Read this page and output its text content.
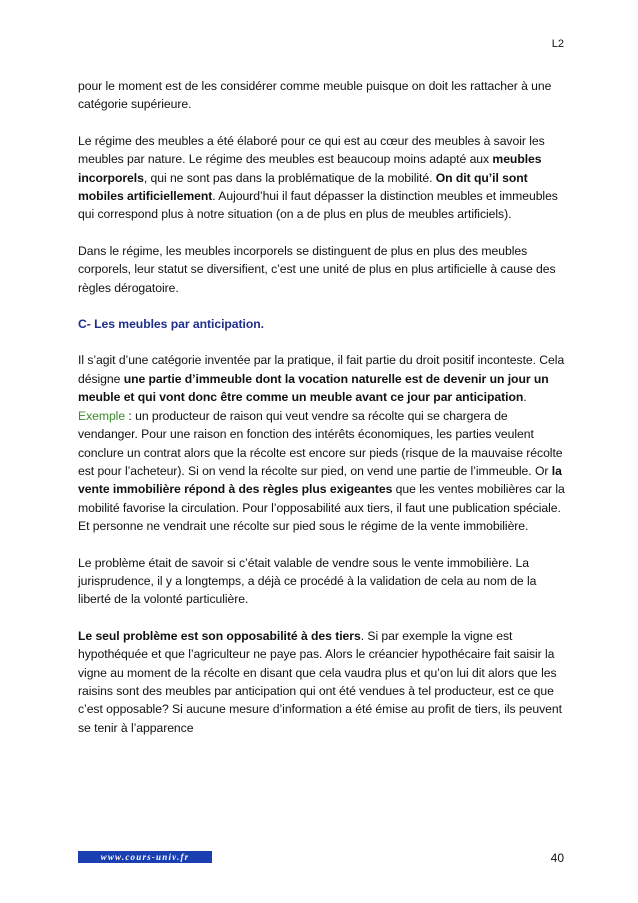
L2

pour le moment est de les considérer comme meuble puisque on doit les rattacher à une catégorie supérieure.

Le régime des meubles a été élaboré pour ce qui est au cœur des meubles à savoir les meubles par nature. Le régime des meubles est beaucoup moins adapté aux meubles incorporels, qui ne sont pas dans la problématique de la mobilité. On dit qu’il sont mobiles artificiellement. Aujourd’hui il faut dépasser la distinction meubles et immeubles qui correspond plus à notre situation (on a de plus en plus de meubles artificiels).

Dans le régime, les meubles incorporels se distinguent de plus en plus des meubles corporels, leur statut se diversifient, c’est une unité de plus en plus artificielle à cause des règles dérogatoire.

C- Les meubles par anticipation.

Il s’agit d’une catégorie inventée par la pratique, il fait partie du droit positif inconteste. Cela désigne une partie d’immeuble dont la vocation naturelle est de devenir un jour un meuble et qui vont donc être comme un meuble avant ce jour par anticipation.

Exemple : un producteur de raison qui veut vendre sa récolte qui se chargera de vendanger. Pour une raison en fonction des intérêts économiques, les parties veulent conclure un contrat alors que la récolte est encore sur pieds (risque de la mauvaise récolte est pour l’acheteur). Si on vend la récolte sur pied, on vend une partie de l’immeuble. Or la vente immobilière répond à des règles plus exigeantes que les ventes mobilières car la mobilité favorise la circulation. Pour l’opposabilité aux tiers, il faut une publication spéciale. Et personne ne vendrait une récolte sur pied sous le régime de la vente immobilière.

Le problème était de savoir si c’était valable de vendre sous le vente immobilière. La jurisprudence, il y a longtemps, a déjà ce procédé à la validation de cela au nom de la liberté de la volonté particulière.

Le seul problème est son opposabilité à des tiers. Si par exemple la vigne est hypothéquée et que l’agriculteur ne paye pas. Alors le créancier hypothécaire fait saisir la vigne au moment de la récolte en disant que cela vaudra plus et qu’on lui dit alors que les raisins sont des meubles par anticipation qui ont été vendues à tel producteur, est ce que c’est opposable? Si aucune mesure d’information a été émise au profit de tiers, ils peuvent se tenir à l’apparence

www.cours-univ.fr	40
